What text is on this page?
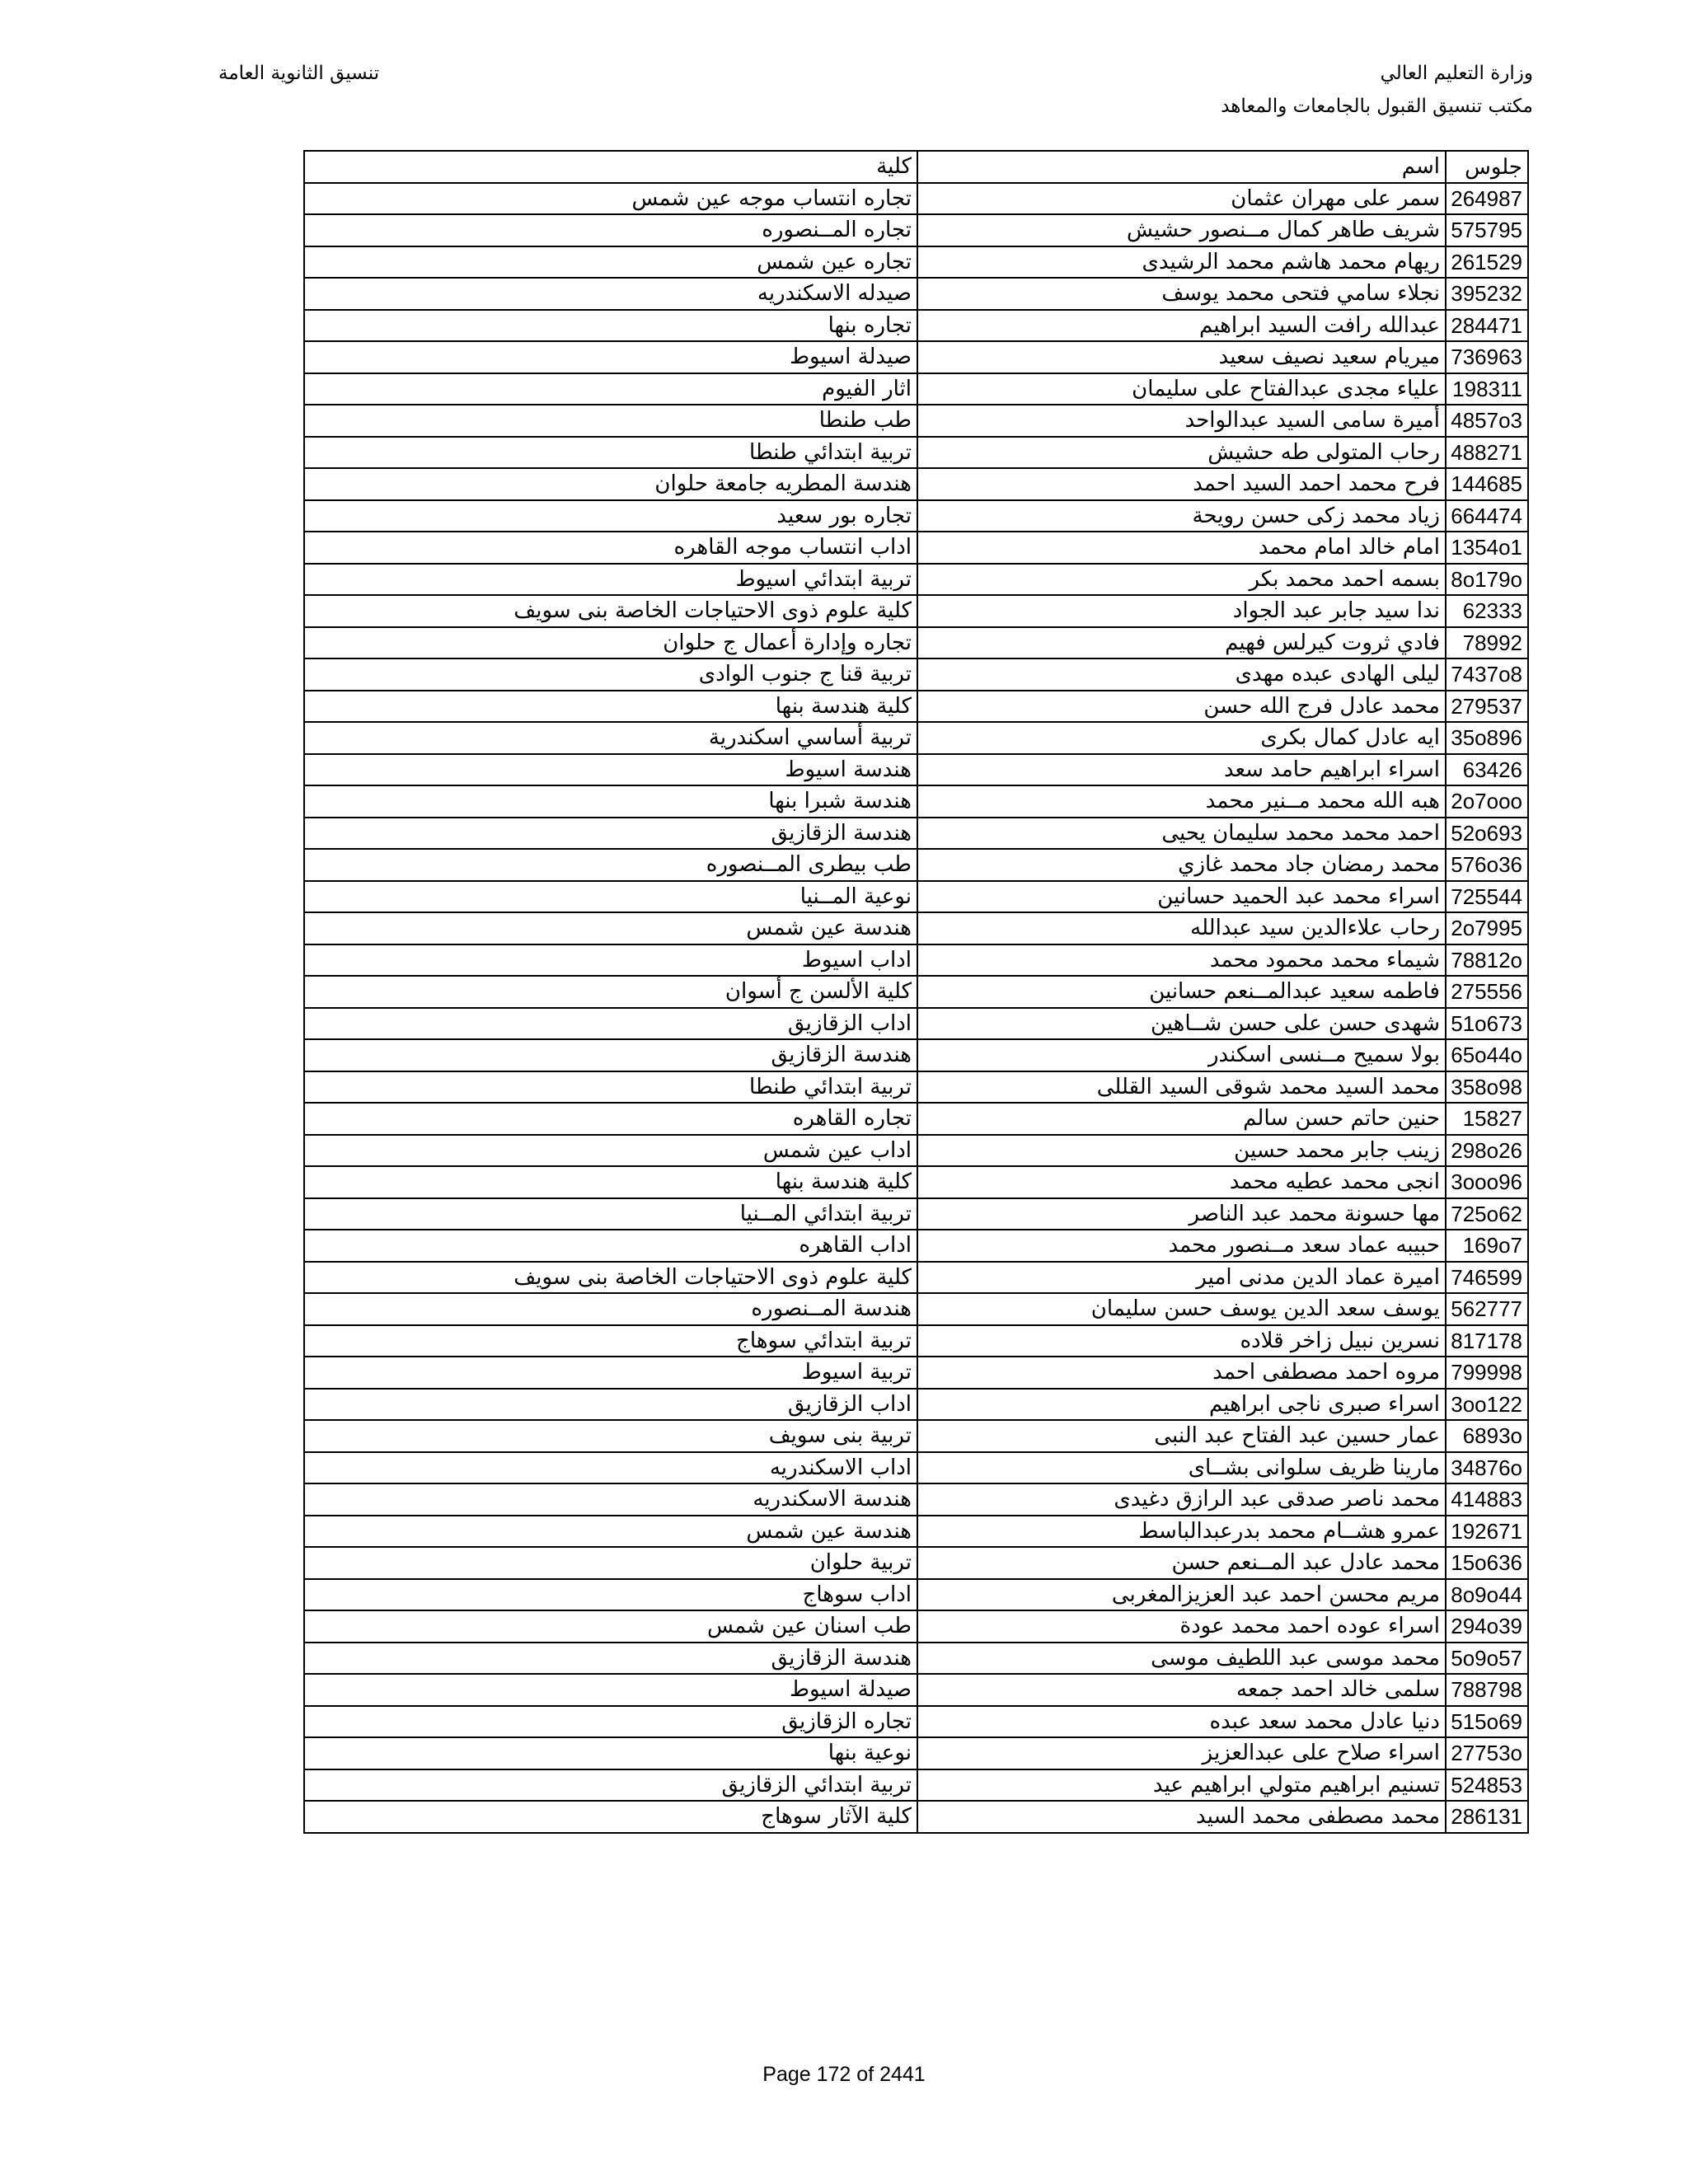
وزارة التعليم العالي
مكتب تنسيق القبول بالجامعات والمعاهد
تنسيق الثانوية العامة
جلوس	اسم	كلية
264987	سمر على مهران عثمان	تجاره انتساب موجه عين شمس
575795	شريف طاهر كمال مــنصور حشيش	تجاره المــنصوره
261529	ريهام محمد هاشم محمد الرشيدى	تجاره عين شمس
395232	نجلاء سامي فتحى محمد يوسف	صيدله الاسكندريه
284471	عبدالله رافت السيد ابراهيم	تجاره بنها
736963	ميريام سعيد نصيف سعيد	صيدلة اسيوط
198311	علياء مجدى عبدالفتاح على سليمان	اثار الفيوم
4857o3	أميرة سامى السيد عبدالواحد	طب طنطا
488271	رحاب المتولى طه حشيش	تربية ابتدائي طنطا
144685	فرح محمد احمد السيد احمد	هندسة المطريه جامعة حلوان
664474	زياد محمد زكى حسن رويحة	تجاره بور سعيد
1354o1	امام خالد امام محمد	اداب انتساب موجه القاهره
8o179o	بسمه احمد محمد بكر	تربية ابتدائي اسيوط
62333	ندا سيد جابر عبد الجواد	كلية علوم ذوى الاحتياجات الخاصة بنى سويف
78992	فادي ثروت كيرلس فهيم	تجاره وإدارة أعمال ج حلوان
7437o8	ليلى الهادى عبده مهدى	تربية قنا ج جنوب الوادى
279537	محمد عادل فرج الله حسن	كلية هندسة بنها
35o896	ايه عادل كمال بكرى	تربية أساسي اسكندرية
63426	اسراء ابراهيم حامد سعد	هندسة اسيوط
2o7ooo	هبه الله محمد مــنير محمد	هندسة شبرا بنها
52o693	احمد محمد محمد سليمان يحيى	هندسة الزقازيق
576o36	محمد رمضان جاد محمد غازي	طب بيطرى المــنصوره
725544	اسراء محمد عبد الحميد حسانين	نوعية المــنيا
2o7995	رحاب علاءالدين سيد عبدالله	هندسة عين شمس
78812o	شيماء محمد محمود محمد	اداب اسيوط
275556	فاطمه سعيد عبدالمــنعم حسانين	كلية الألسن ج أسوان
51o673	شهدى حسن على حسن شــاهين	اداب الزقازيق
65o44o	بولا سميح مــنسى اسكندر	هندسة الزقازيق
358o98	محمد السيد محمد شوقى السيد القللى	تربية ابتدائي طنطا
15827	حنين حاتم حسن سالم	تجاره القاهره
298o26	زينب جابر محمد حسين	اداب عين شمس
3ooo96	انجى محمد عطيه محمد	كلية هندسة بنها
725o62	مها حسونة محمد عبد الناصر	تربية ابتدائي المــنيا
169o7	حبيبه عماد سعد مــنصور محمد	اداب القاهره
746599	اميرة عماد الدين مدنى امير	كلية علوم ذوى الاحتياجات الخاصة بنى سويف
562777	يوسف سعد الدين يوسف حسن سليمان	هندسة المــنصوره
817178	نسرين نبيل زاخر قلاده	تربية ابتدائي سوهاج
799998	مروه احمد مصطفى احمد	تربية اسيوط
3oo122	اسراء صبرى ناجى ابراهيم	اداب الزقازيق
6893o	عمار حسين عبد الفتاح عبد النبى	تربية بنى سويف
34876o	مارينا ظريف سلوانى بشــاى	اداب الاسكندريه
414883	محمد ناصر صدقى عبد الرازق دغيدى	هندسة الاسكندريه
192671	عمرو هشــام محمد بدرعبدالباسط	هندسة عين شمس
15o636	محمد عادل عبد المــنعم حسن	تربية حلوان
8o9o44	مريم محسن احمد عبد العزيزالمغربى	اداب سوهاج
294o39	اسراء عوده احمد محمد عودة	طب اسنان عين شمس
5o9o57	محمد موسى عبد اللطيف موسى	هندسة الزقازيق
788798	سلمى خالد احمد جمعه	صيدلة اسيوط
515o69	دنيا عادل محمد سعد عبده	تجاره الزقازيق
27753o	اسراء صلاح على عبدالعزيز	نوعية بنها
524853	تسنيم ابراهيم متولي ابراهيم عيد	تربية ابتدائي الزقازيق
286131	محمد مصطفى محمد السيد	كلية الآثار سوهاج
Page 172 of 2441
